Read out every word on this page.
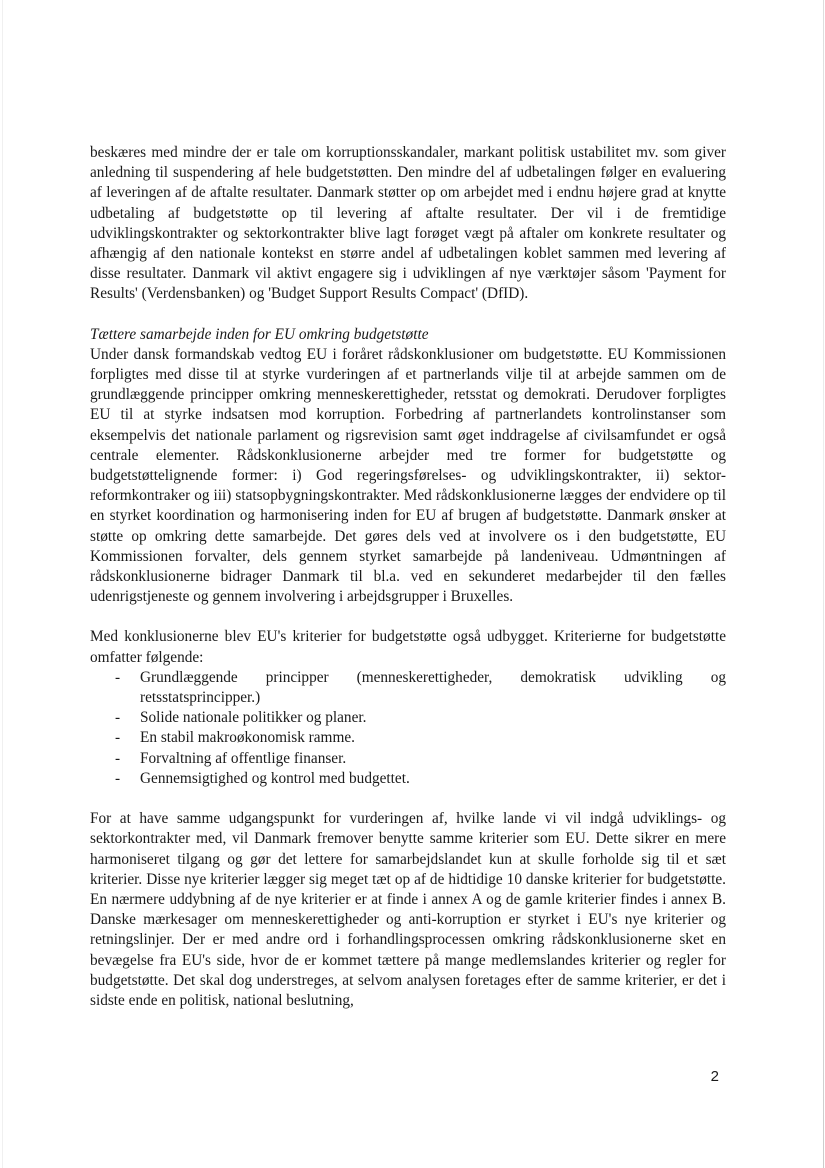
beskæres med mindre der er tale om korruptionsskandaler, markant politisk ustabilitet mv. som giver anledning til suspendering af hele budgetstøtten. Den mindre del af udbetalingen følger en evaluering af leveringen af de aftalte resultater. Danmark støtter op om arbejdet med i endnu højere grad at knytte udbetaling af budgetstøtte op til levering af aftalte resultater. Der vil i de fremtidige udviklingskontrakter og sektorkontrakter blive lagt forøget vægt på aftaler om konkrete resultater og afhængig af den nationale kontekst en større andel af udbetalingen koblet sammen med levering af disse resultater. Danmark vil aktivt engagere sig i udviklingen af nye værktøjer såsom 'Payment for Results' (Verdensbanken) og 'Budget Support Results Compact' (DfID).

Tættere samarbejde inden for EU omkring budgetstøtte

Under dansk formandskab vedtog EU i foråret rådskonklusioner om budgetstøtte. EU Kommissionen forpligtes med disse til at styrke vurderingen af et partnerlands vilje til at arbejde sammen om de grundlæggende principper omkring menneskerettigheder, retsstat og demokrati. Derudover forpligtes EU til at styrke indsatsen mod korruption. Forbedring af partnerlandets kontrolinstanser som eksempelvis det nationale parlament og rigsrevision samt øget inddragelse af civilsamfundet er også centrale elementer. Rådskonklusionerne arbejder med tre former for budgetstøtte og budgetstøttelignende former: i) God regeringsførelses- og udviklingskontrakter, ii) sektor-reformkontraker og iii) statsopbygningskontrakter. Med rådskonklusionerne lægges der endvidere op til en styrket koordination og harmonisering inden for EU af brugen af budgetstøtte. Danmark ønsker at støtte op omkring dette samarbejde. Det gøres dels ved at involvere os i den budgetstøtte, EU Kommissionen forvalter, dels gennem styrket samarbejde på landeniveau. Udmøntningen af rådskonklusionerne bidrager Danmark til bl.a. ved en sekunderet medarbejder til den fælles udenrigstjeneste og gennem involvering i arbejdsgrupper i Bruxelles.

Med konklusionerne blev EU's kriterier for budgetstøtte også udbygget. Kriterierne for budgetstøtte omfatter følgende:

- Grundlæggende principper (menneskerettigheder, demokratisk udvikling og retsstatsprincipper.)
- Solide nationale politikker og planer.
- En stabil makroøkonomisk ramme.
- Forvaltning af offentlige finanser.
- Gennemsigtighed og kontrol med budgettet.

For at have samme udgangspunkt for vurderingen af, hvilke lande vi vil indgå udviklings- og sektorkontrakter med, vil Danmark fremover benytte samme kriterier som EU. Dette sikrer en mere harmoniseret tilgang og gør det lettere for samarbejdslandet kun at skulle forholde sig til et sæt kriterier. Disse nye kriterier lægger sig meget tæt op af de hidtidige 10 danske kriterier for budgetstøtte. En nærmere uddybning af de nye kriterier er at finde i annex A og de gamle kriterier findes i annex B. Danske mærkesager om menneskerettigheder og anti-korruption er styrket i EU's nye kriterier og retningslinjer. Der er med andre ord i forhandlingsprocessen omkring rådskonklusionerne sket en bevægelse fra EU's side, hvor de er kommet tættere på mange medlemslandes kriterier og regler for budgetstøtte. Det skal dog understreges, at selvom analysen foretages efter de samme kriterier, er det i sidste ende en politisk, national beslutning,

2
